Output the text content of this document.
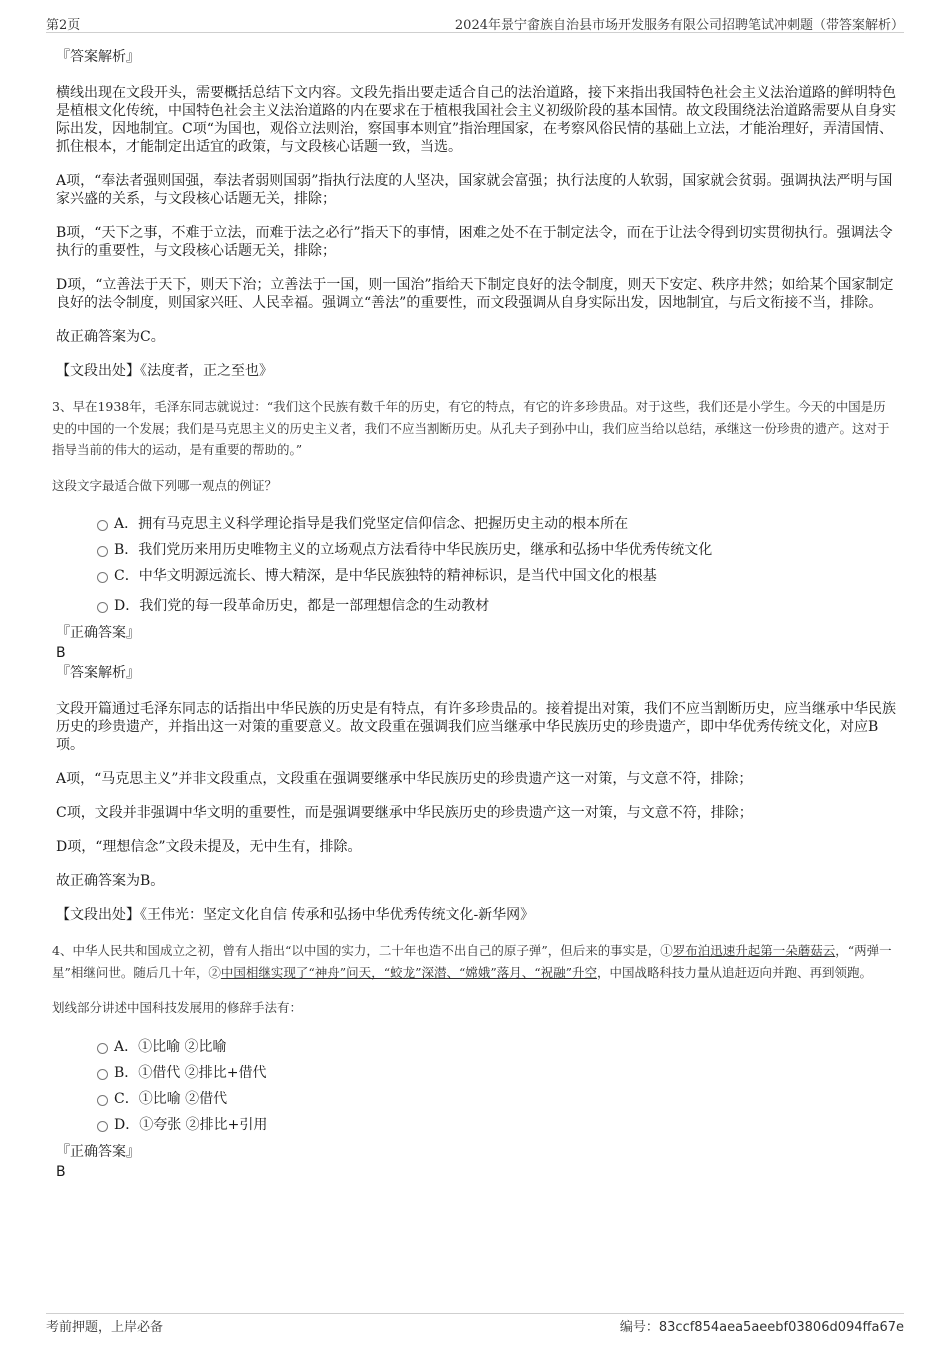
第2页	2024年景宁畲族自治县市场开发服务有限公司招聘笔试冲刺题（带答案解析）

『答案解析』

横线出现在文段开头，需要概括总结下文内容。文段先指出要走适合自己的法治道路，接下来指出我国特色社会主义法治道路的鲜明特色是植根文化传统，中国特色社会主义法治道路的内在要求在于植根我国社会主义初级阶段的基本国情。故文段围绕法治道路需要从自身实际出发，因地制宜。C项“为国也，观俗立法则治，察国事本则宜”指治理国家，在考察风俗民情的基础上立法，才能治理好，弄清国情、抓住根本，才能制定出适宜的政策，与文段核心话题一致，当选。

A项，“奉法者强则国强，奉法者弱则国弱”指执行法度的人坚决，国家就会富强；执行法度的人软弱，国家就会贫弱。强调执法严明与国家兴盛的关系，与文段核心话题无关，排除；

B项，“天下之事，不难于立法，而难于法之必行”指天下的事情，困难之处不在于制定法令，而在于让法令得到切实贯彻执行。强调法令执行的重要性，与文段核心话题无关，排除；

D项，“立善法于天下，则天下治；立善法于一国，则一国治”指给天下制定良好的法令制度，则天下安定、秩序井然；如给某个国家制定良好的法令制度，则国家兴旺、人民幸福。强调立“善法”的重要性，而文段强调从自身实际出发，因地制宜，与后文衔接不当，排除。

故正确答案为C。

【文段出处】《法度者，正之至也》

3、早在1938年，毛泽东同志就说过：“我们这个民族有数千年的历史，有它的特点，有它的许多珍贵品。对于这些，我们还是小学生。今天的中国是历史的中国的一个发展；我们是马克思主义的历史主义者，我们不应当割断历史。从孔夫子到孙中山，我们应当给以总结，承继这一份珍贵的遗产。这对于指导当前的伟大的运动，是有重要的帮助的。”

这段文字最适合做下列哪一观点的例证？

A．拥有马克思主义科学理论指导是我们党坚定信仰信念、把握历史主动的根本所在
B．我们党历来用历史唯物主义的立场观点方法看待中华民族历史，继承和弘扬中华优秀传统文化
C．中华文明源远流长、博大精深，是中华民族独特的精神标识，是当代中国文化的根基
D．我们党的每一段革命历史，都是一部理想信念的生动教材

『正确答案』

B

『答案解析』

文段开篇通过毛泽东同志的话指出中华民族的历史是有特点，有许多珍贵品的。接着提出对策，我们不应当割断历史，应当继承中华民族历史的珍贵遗产，并指出这一对策的重要意义。故文段重在强调我们应当继承中华民族历史的珍贵遗产，即中华优秀传统文化，对应B项。

A项，“马克思主义”并非文段重点，文段重在强调要继承中华民族历史的珍贵遗产这一对策，与文意不符，排除；

C项，文段并非强调中华文明的重要性，而是强调要继承中华民族历史的珍贵遗产这一对策，与文意不符，排除；

D项，“理想信念”文段未提及，无中生有，排除。

故正确答案为B。

【文段出处】《王伟光：坚定文化自信 传承和弘扬中华优秀传统文化-新华网》

4、中华人民共和国成立之初，曾有人指出“以中国的实力，二十年也造不出自己的原子弹”，但后来的事实是，①罗布泊迅速升起第一朵蘑菇云，“两弹一星”相继问世。随后几十年，②中国相继实现了“神舟”问天，“蛟龙”深潜、“嫦娥”落月、“祝融”升空，中国战略科技力量从追赶迈向并跑、再到领跑。

划线部分讲述中国科技发展用的修辞手法有：

A．①比喻 ②比喻
B．①借代 ②排比+借代
C．①比喻 ②借代
D．①夸张 ②排比+引用

『正确答案』

B

考前押题，上岸必备	编号：83ccf854aea5aeebf03806d094ffa67e
